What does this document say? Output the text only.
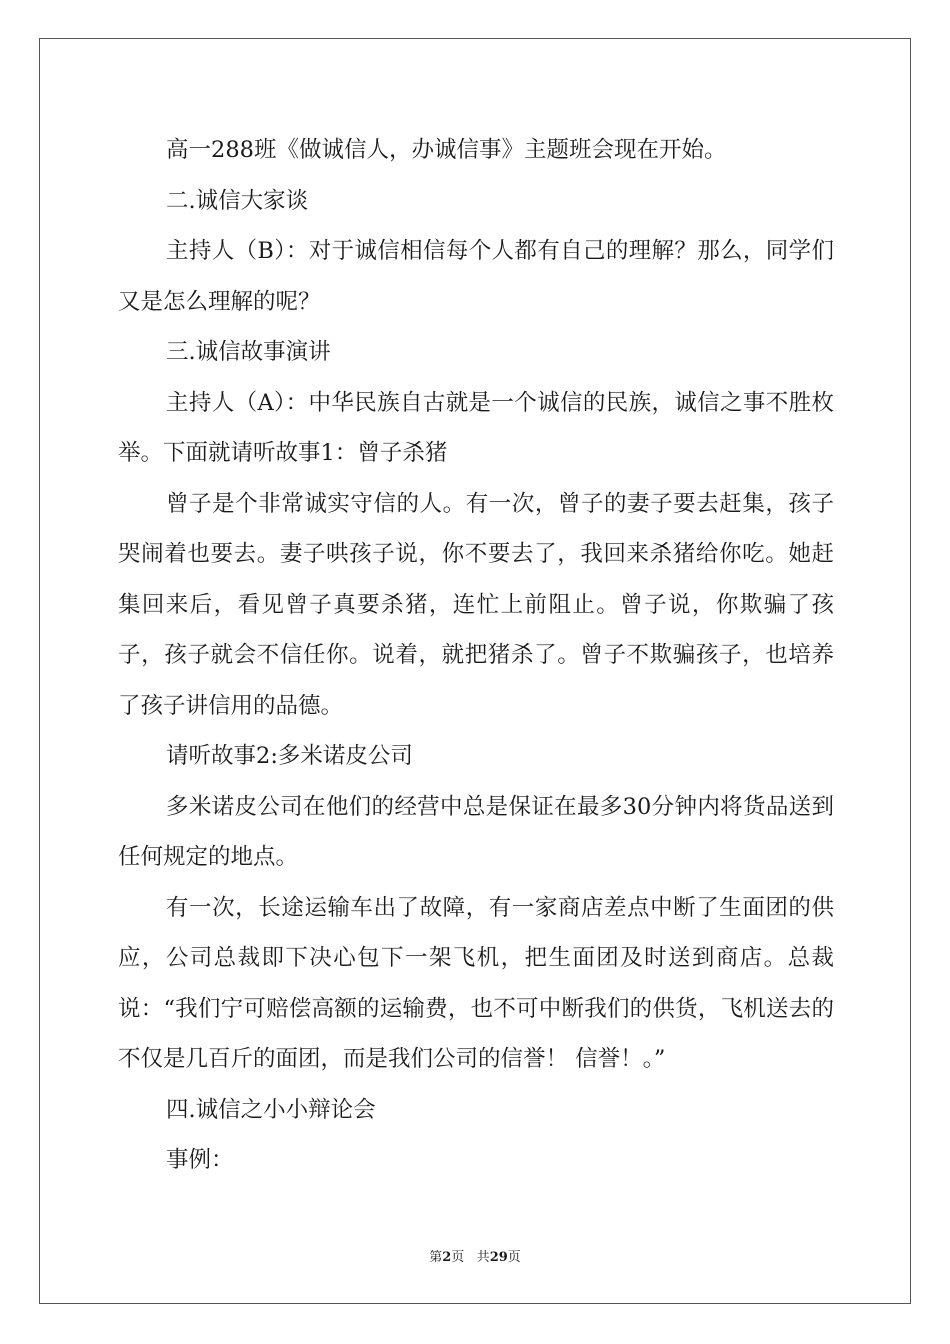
高一288班《做诚信人，办诚信事》主题班会现在开始。

二.诚信大家谈

主持人（B）：对于诚信相信每个人都有自己的理解？那么，同学们又是怎么理解的呢？

三.诚信故事演讲

主持人（A）：中华民族自古就是一个诚信的民族，诚信之事不胜枚举。下面就请听故事1：曾子杀猪

曾子是个非常诚实守信的人。有一次，曾子的妻子要去赶集，孩子哭闹着也要去。妻子哄孩子说，你不要去了，我回来杀猪给你吃。她赶集回来后，看见曾子真要杀猪，连忙上前阻止。曾子说，你欺骗了孩子，孩子就会不信任你。说着，就把猪杀了。曾子不欺骗孩子，也培养了孩子讲信用的品德。

请听故事2:多米诺皮公司

多米诺皮公司在他们的经营中总是保证在最多30分钟内将货品送到任何规定的地点。

有一次，长途运输车出了故障，有一家商店差点中断了生面团的供应，公司总裁即下决心包下一架飞机，把生面团及时送到商店。总裁说：“我们宁可赔偿高额的运输费，也不可中断我们的供货，飞机送去的不仅是几百斤的面团，而是我们公司的信誉！ 信誉！。”

四.诚信之小小辩论会

事例：

第2页 共29页
